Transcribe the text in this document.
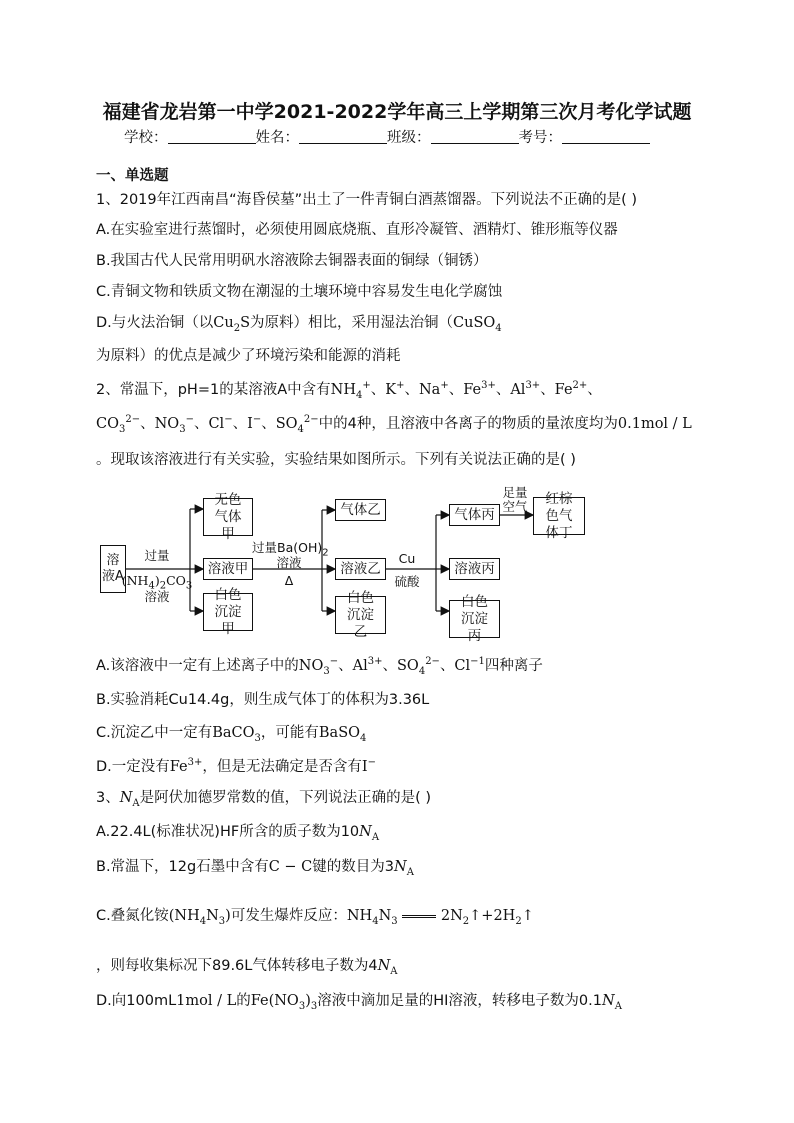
福建省龙岩第一中学2021-2022学年高三上学期第三次月考化学试题
学校：	姓名：	班级：	考号：
一、单选题
1、2019年江西南昌“海昏侯墓”出土了一件青铜白酒蒸馏器。下列说法不正确的是( )
A.在实验室进行蒸馏时，必须使用圆底烧瓶、直形冷凝管、酒精灯、锥形瓶等仪器
B.我国古代人民常用明矾水溶液除去铜器表面的铜绿（铜锈）
C.青铜文物和铁质文物在潮湿的土壤环境中容易发生电化学腐蚀
D.与火法治铜（以$Cu_2S$为原料）相比，采用湿法治铜（CuSO$_4$
为原料）的优点是减少了环境污染和能源的消耗
2、常温下，pH=1的某溶液A中含有$NH_4^+$、K+、Na+、$Fe^{3+}$、$Al^{3+}$、$Fe^{2+}$、
$CO_3^{2-}$、$NO_3^-$、Cl−、I−、$SO_4^{2-}$中的4种，且溶液中各离子的物质的量浓度均为0.1mol / L
。现取该溶液进行有关实验，实验结果如图所示。下列有关说法正确的是( )
溶液A
过量
$(NH_4)_2CO_3$
溶液
无色气体甲
溶液甲
白色沉淀甲
过量$Ba(OH)_2$
溶液
Δ
气体乙
溶液乙
白色沉淀乙
Cu
硫酸
气体丙
溶液丙
白色沉淀丙
足量
空气	红棕色气体丁
A.该溶液中一定有上述离子中的$NO_3^-$、$Al^{3+}$、$SO_4^{2-}$、$Cl^{-1}$四种离子
B.实验消耗Cu14.4g，则生成气体丁的体积为3.36L
C.沉淀乙中一定有BaCO$_3$，可能有BaSO$_4$
D.一定没有$Fe^{3+}$，但是无法确定是否含有I−
3、$N_A$是阿伏加德罗常数的值，下列说法正确的是( )
A.22.4L(标准状况)HF所含的质子数为$10N_A$
B.常温下，12g石墨中含有C − C键的数目为$3N_A$
C.叠氮化铵$(NH_4N_3)$可发生爆炸反应：$NH_4N_3$	$2N_2↑+2H_2↑$
，则每收集标况下89.6L气体转移电子数为$4N_A$
D.向100mL1mol / L的$Fe(NO_3)_3$溶液中滴加足量的HI溶液，转移电子数为$0.1N_A$
